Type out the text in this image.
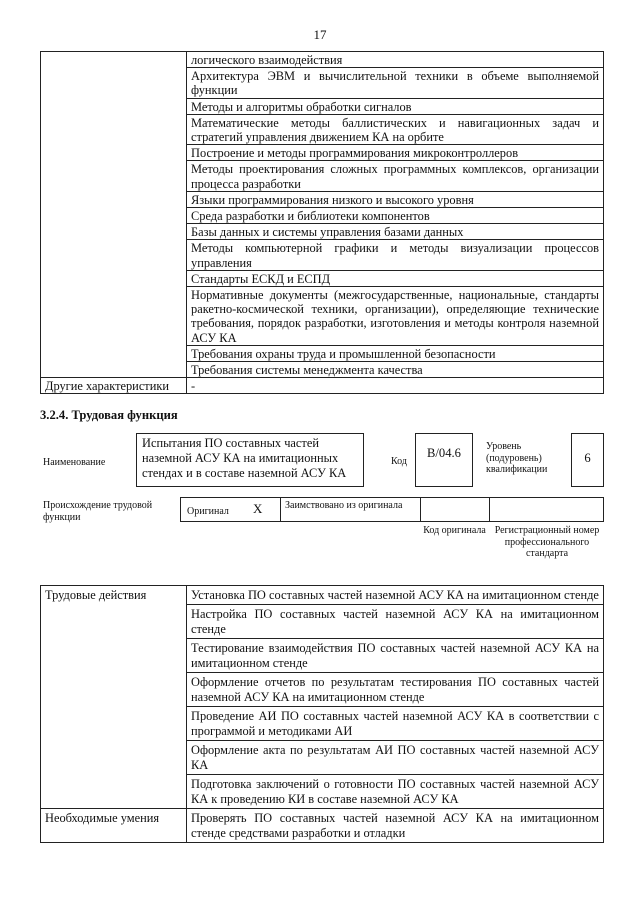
17
	логического взаимодействия
	Архитектура ЭВМ и вычислительной техники в объеме выполняемой функции
	Методы и алгоритмы обработки сигналов
	Математические методы баллистических и навигационных задач и стратегий управления движением КА на орбите
	Построение и методы программирования микроконтроллеров
	Методы проектирования сложных программных комплексов, организации процесса разработки
	Языки программирования низкого и высокого уровня
	Среда разработки и библиотеки компонентов
	Базы данных и системы управления базами данных
	Методы компьютерной графики и методы визуализации процессов управления
	Стандарты ЕСКД и ЕСПД
	Нормативные документы (межгосударственные, национальные, стандарты ракетно-космической техники, организации), определяющие технические требования, порядок разработки, изготовления и методы контроля наземной АСУ КА
	Требования охраны труда и промышленной безопасности
	Требования системы менеджмента качества
Другие характеристики	-
3.2.4. Трудовая функция
Наименование
Испытания ПО составных частей наземной АСУ КА на имитационных стендах и в составе наземной АСУ КА
Код
B/04.6	Уровень (подуровень) квалификации
6
Происхождение трудовой функции	Оригинал X Заимствовано из оригинала
Код оригинала Регистрационный номер профессионального стандарта
Трудовые действия	Установка ПО составных частей наземной АСУ КА на имитационном стенде
	Настройка ПО составных частей наземной АСУ КА на имитационном стенде
	Тестирование взаимодействия ПО составных частей наземной АСУ КА на имитационном стенде
	Оформление отчетов по результатам тестирования ПО составных частей наземной АСУ КА на имитационном стенде
	Проведение АИ ПО составных частей наземной АСУ КА в соответствии с программой и методиками АИ
	Оформление акта по результатам АИ ПО составных частей наземной АСУ КА
	Подготовка заключений о готовности ПО составных частей наземной АСУ КА к проведению КИ в составе наземной АСУ КА
Необходимые умения	Проверять ПО составных частей наземной АСУ КА на имитационном стенде средствами разработки и отладки
